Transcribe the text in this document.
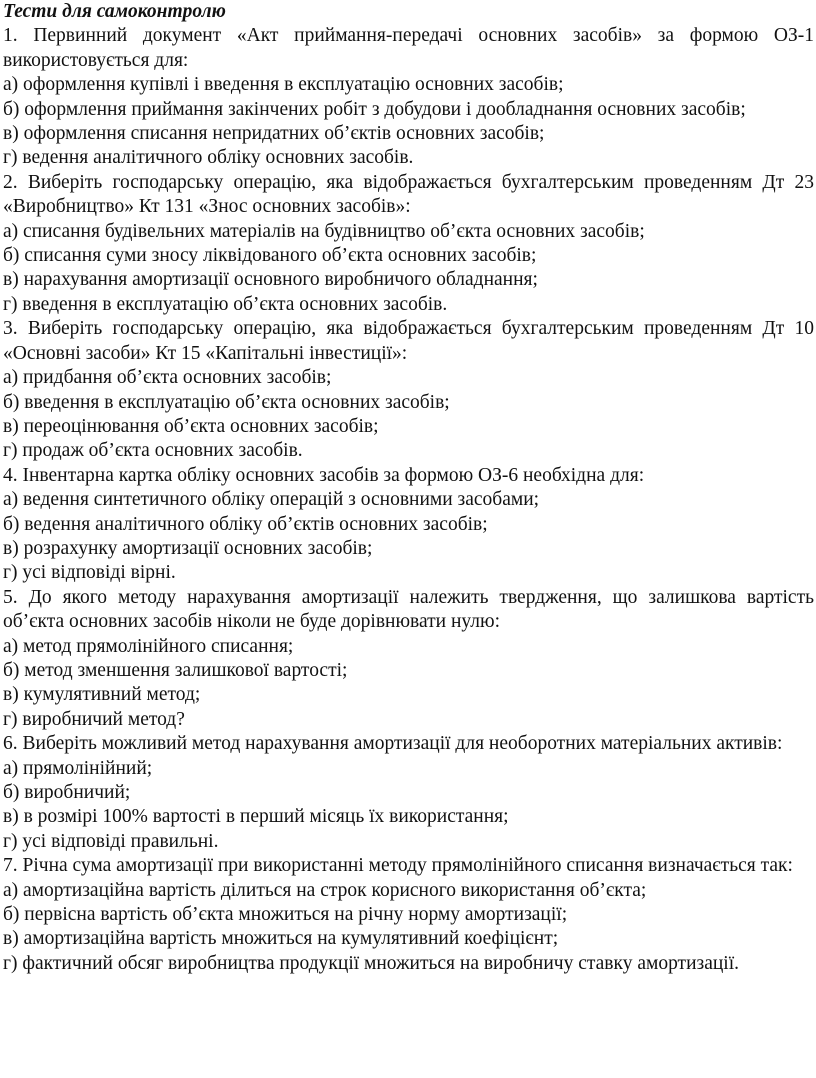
Тести для самоконтролю

1. Первинний документ «Акт приймання-передачі основних засобів» за формою ОЗ-1 використовується для:

а) оформлення купівлі і введення в експлуатацію основних засобів;

б) оформлення приймання закінчених робіт з добудови і дообладнання основних засобів;

в) оформлення списання непридатних об’єктів основних засобів;

г) ведення аналітичного обліку основних засобів.

2. Виберіть господарську операцію, яка відображається бухгалтерським проведенням Дт 23 «Виробництво» Кт 131 «Знос основних засобів»:

а) списання будівельних матеріалів на будівництво об’єкта основних засобів;

б) списання суми зносу ліквідованого об’єкта основних засобів;

в) нарахування амортизації основного виробничого обладнання;

г) введення в експлуатацію об’єкта основних засобів.

3. Виберіть господарську операцію, яка відображається бухгалтерським проведенням Дт 10 «Основні засоби» Кт 15 «Капітальні інвестиції»:

а) придбання об’єкта основних засобів;

б) введення в експлуатацію об’єкта основних засобів;

в) переоцінювання об’єкта основних засобів;

г) продаж об’єкта основних засобів.

4. Інвентарна картка обліку основних засобів за формою ОЗ-6 необхідна для:

а) ведення синтетичного обліку операцій з основними засобами;

б) ведення аналітичного обліку об’єктів основних засобів;

в) розрахунку амортизації основних засобів;

г) усі відповіді вірні.

5. До якого методу нарахування амортизації належить твердження, що залишкова вартість об’єкта основних засобів ніколи не буде дорівнювати нулю:

а) метод прямолінійного списання;

б) метод зменшення залишкової вартості;

в) кумулятивний метод;

г) виробничий метод?

6. Виберіть можливий метод нарахування амортизації для необоротних матеріальних активів:

а) прямолінійний;

б) виробничий;

в) в розмірі 100% вартості в перший місяць їх використання;

г) усі відповіді правильні.

7. Річна сума амортизації при використанні методу прямолінійного списання визначається так:

а) амортизаційна вартість ділиться на строк корисного використання об’єкта;

б) первісна вартість об’єкта множиться на річну норму амортизації;

в) амортизаційна вартість множиться на кумулятивний коефіцієнт;

г) фактичний обсяг виробництва продукції множиться на виробничу ставку амортизації.
